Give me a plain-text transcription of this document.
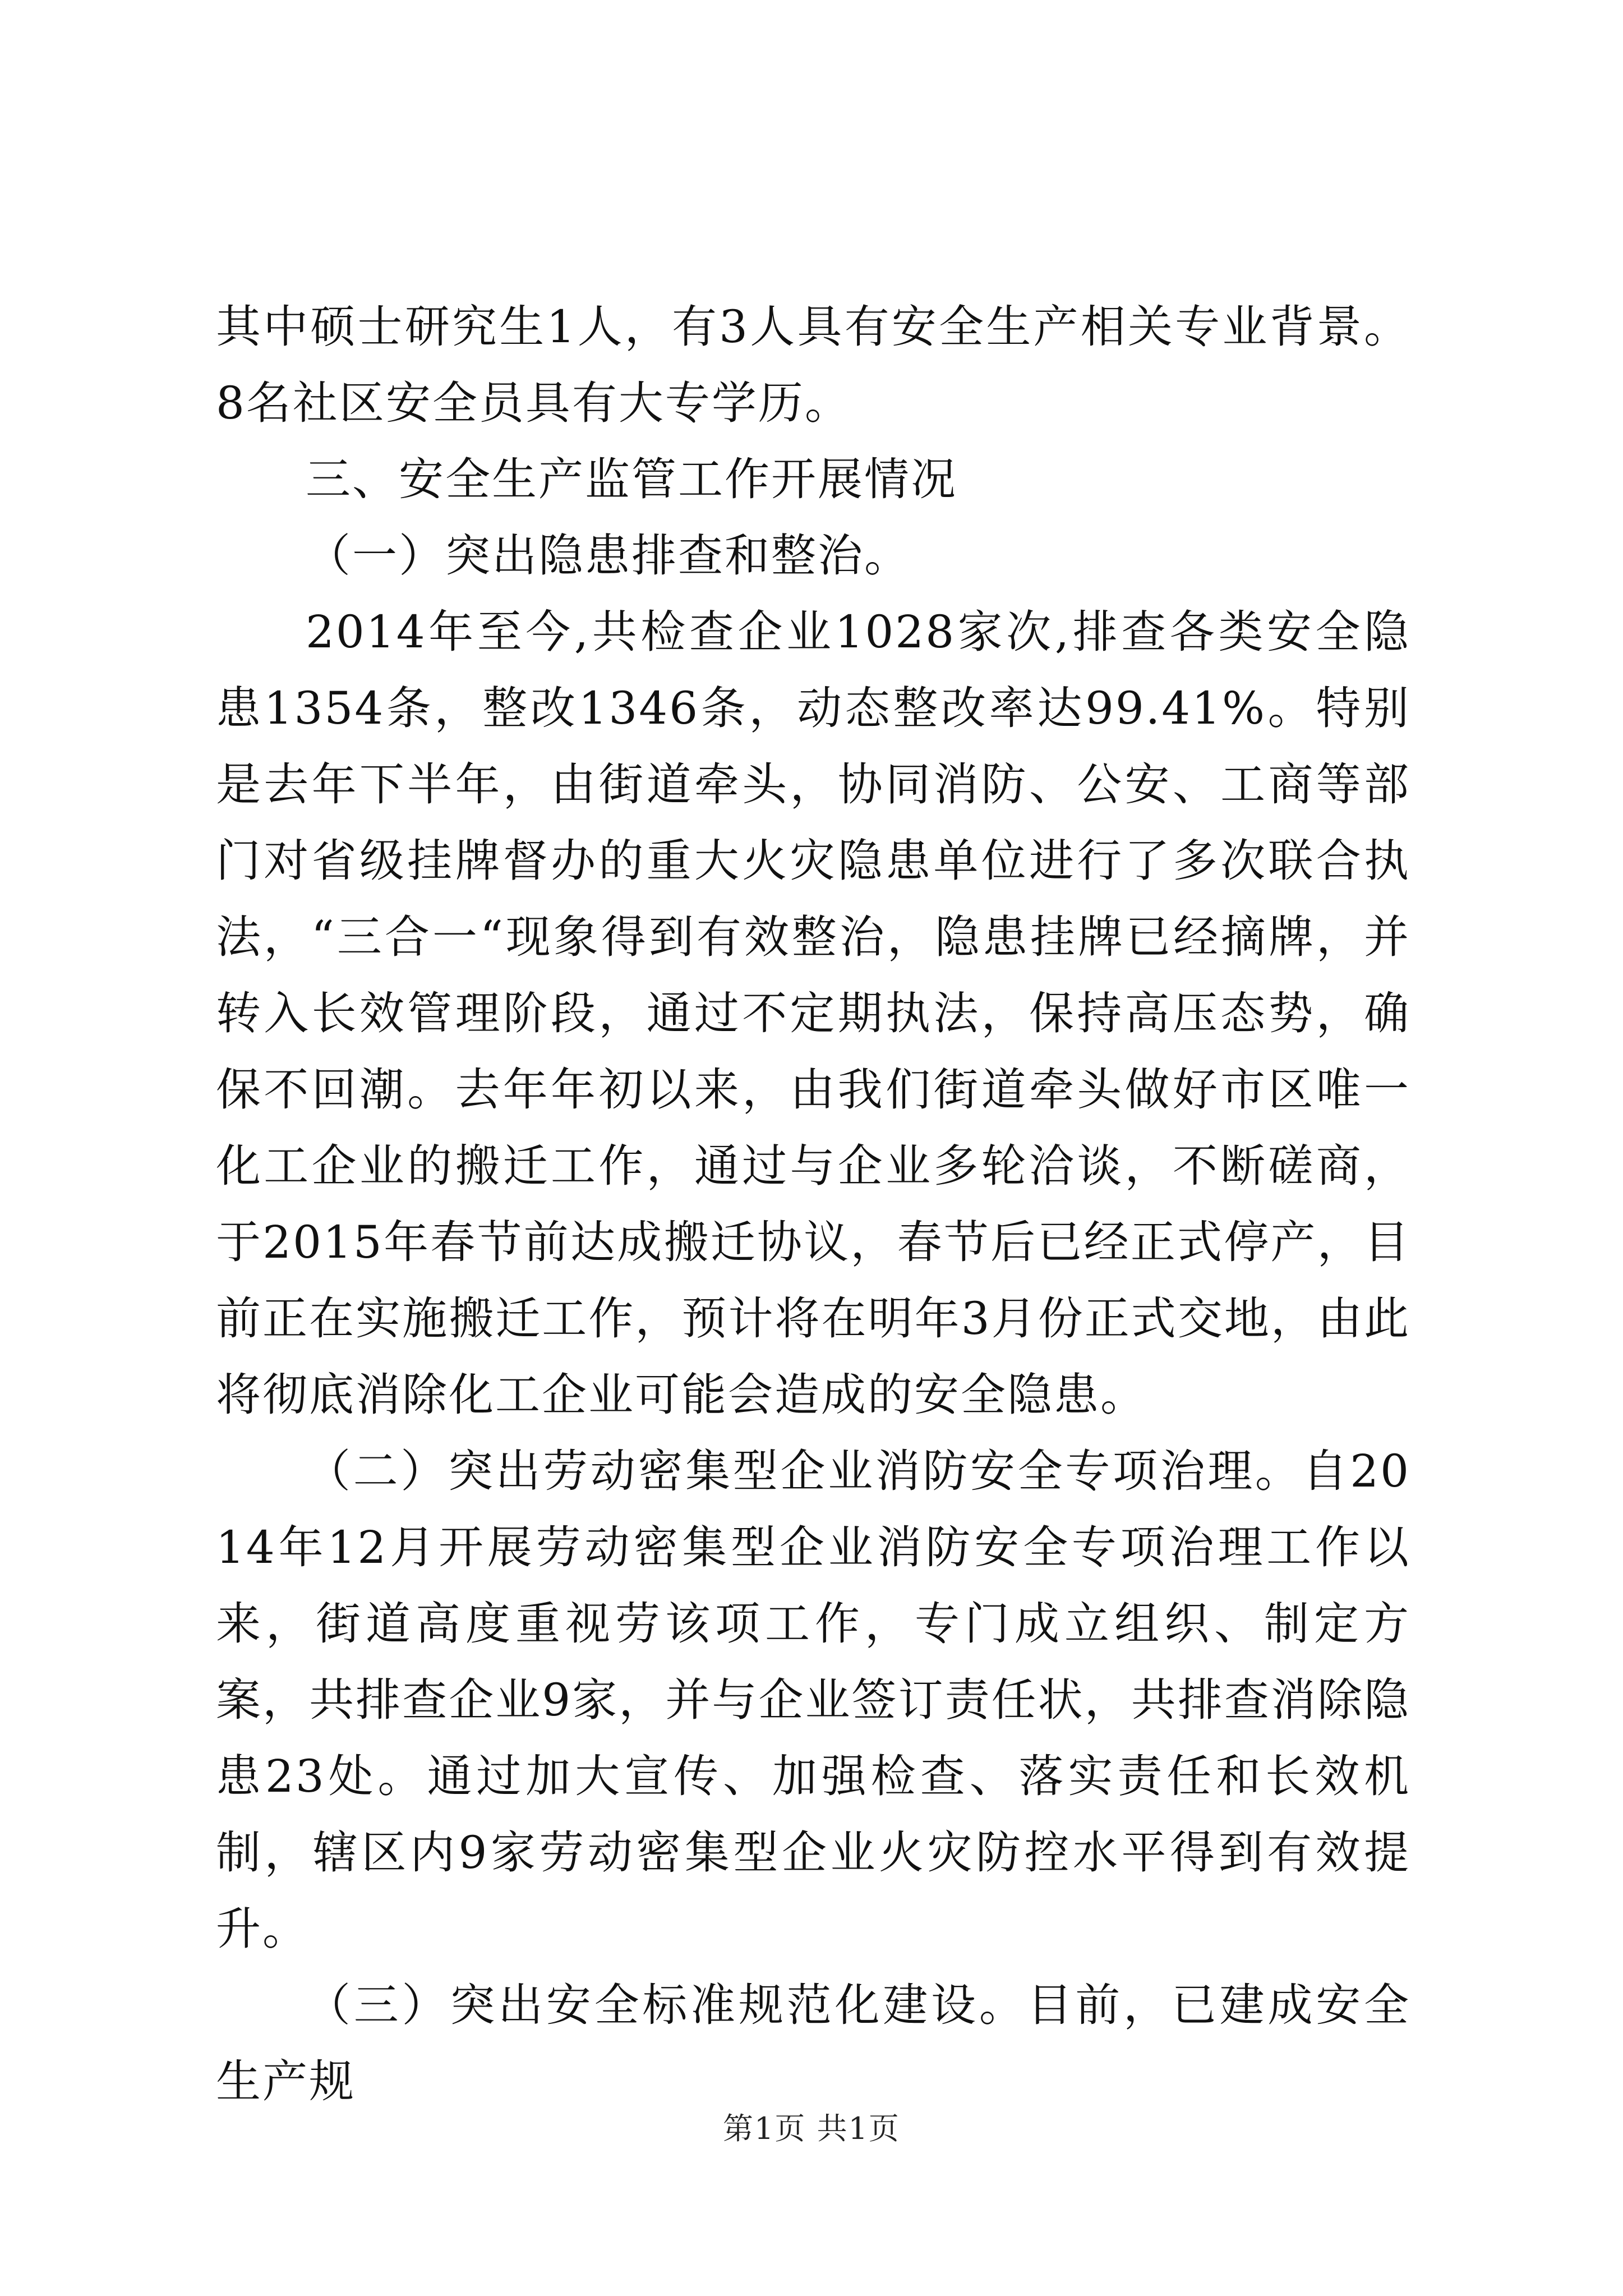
其中硕士研究生1人，有3人具有安全生产相关专业背景。8名社区安全员具有大专学历。

三、安全生产监管工作开展情况

（一）突出隐患排查和整治。

2014年至今,共检查企业1028家次,排查各类安全隐患1354条，整改1346条，动态整改率达99.41%。特别是去年下半年，由街道牵头，协同消防、公安、工商等部门对省级挂牌督办的重大火灾隐患单位进行了多次联合执法，“三合一“现象得到有效整治，隐患挂牌已经摘牌，并转入长效管理阶段，通过不定期执法，保持高压态势，确保不回潮。去年年初以来，由我们街道牵头做好市区唯一化工企业的搬迁工作，通过与企业多轮洽谈，不断磋商，于2015年春节前达成搬迁协议，春节后已经正式停产，目前正在实施搬迁工作，预计将在明年3月份正式交地，由此将彻底消除化工企业可能会造成的安全隐患。

（二）突出劳动密集型企业消防安全专项治理。自2014年12月开展劳动密集型企业消防安全专项治理工作以来，街道高度重视劳该项工作，专门成立组织、制定方案，共排查企业9家，并与企业签订责任状，共排查消除隐患23处。通过加大宣传、加强检查、落实责任和长效机制，辖区内9家劳动密集型企业火灾防控水平得到有效提升。

（三）突出安全标准规范化建设。目前，已建成安全生产规

第1页 共1页
